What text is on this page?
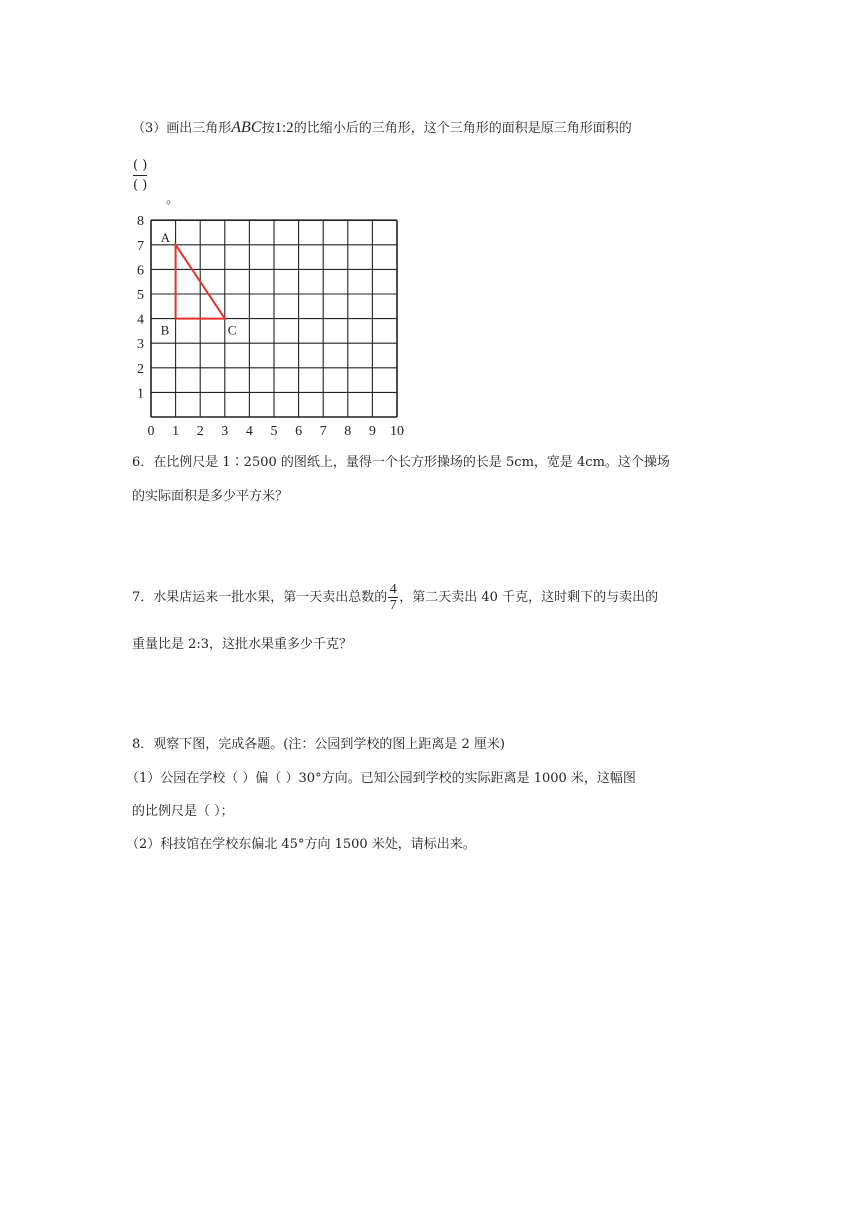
（3）画出三角形ABC按1:2的比缩小后的三角形，这个三角形的面积是原三角形面积的
( )
( )
。
1
2
3
4
5
6
7
8
0 1 2 3 4 5 6 7 8 9 10
A
B	C
6．在比例尺是 1∶2500 的图纸上，量得一个长方形操场的长是 5cm，宽是 4cm。这个操场
的实际面积是多少平方米？
7．水果店运来一批水果，第一天卖出总数的 $\frac{4}{7}$ ，第二天卖出 40 千克，这时剩下的与卖出的
重量比是 2:3，这批水果重多少千克？
8．观察下图，完成各题。(注：公园到学校的图上距离是 2 厘米)
（1）公园在学校（ ）偏（ ）30°方向。已知公园到学校的实际距离是 1000 米，这幅图
的比例尺是（ ）；
（2）科技馆在学校东偏北 45°方向 1500 米处，请标出来。
